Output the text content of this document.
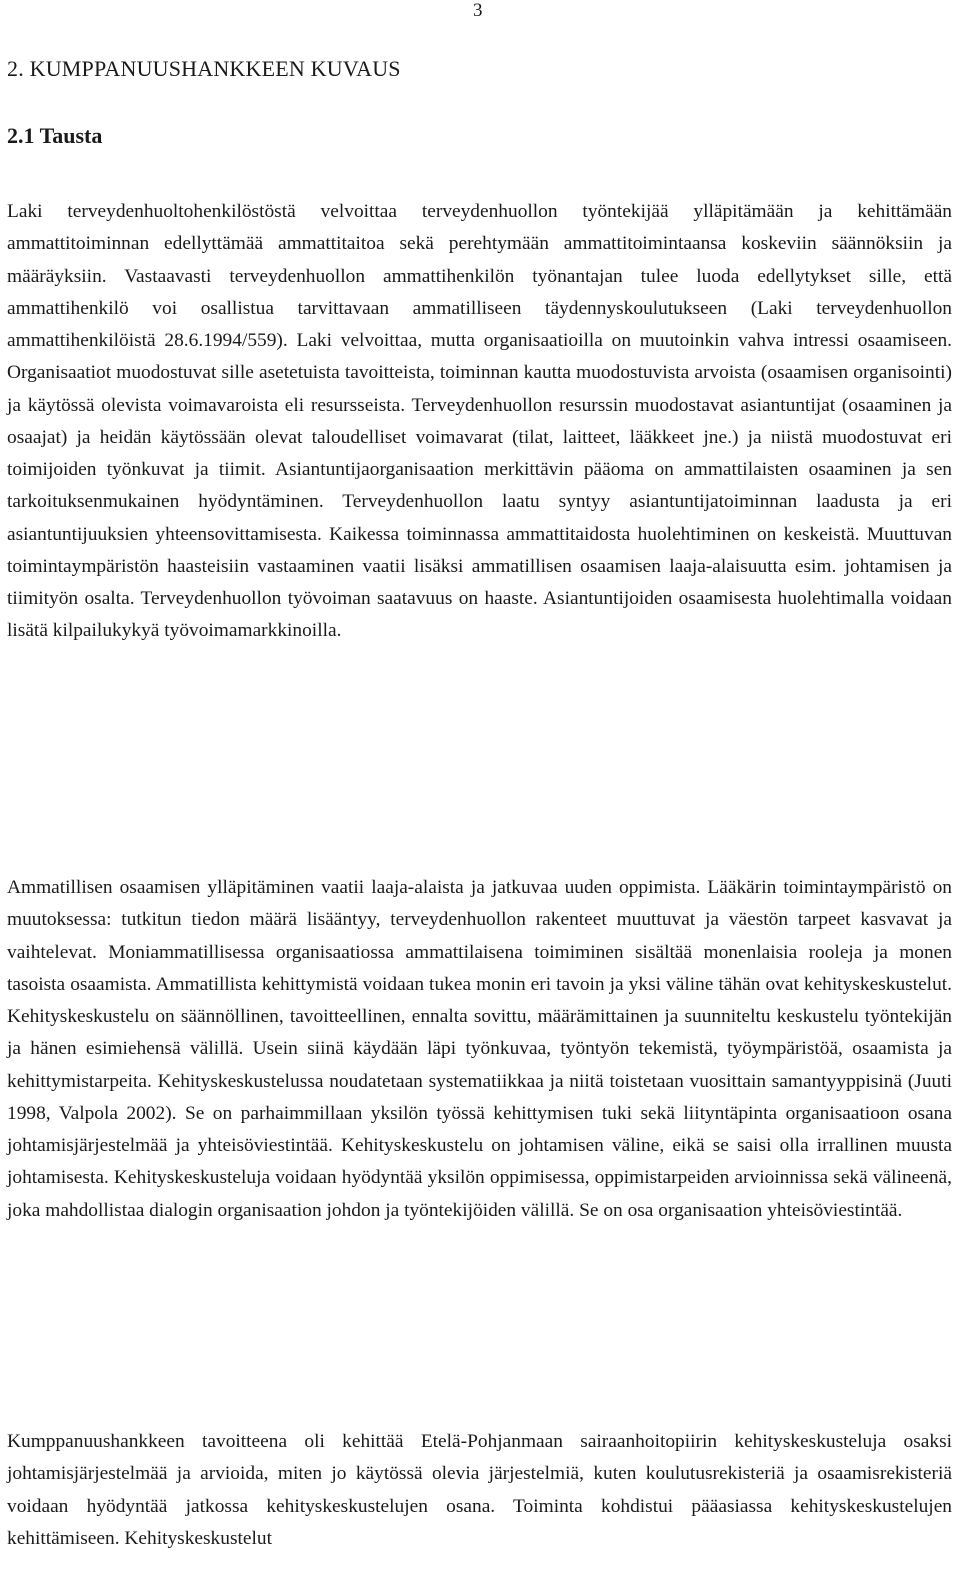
3
2. KUMPPANUUSHANKKEEN KUVAUS
2.1 Tausta

Laki terveydenhuoltohenkilöstöstä velvoittaa terveydenhuollon työntekijää ylläpitämään ja kehittämään ammattitoiminnan edellyttämää ammattitaitoa sekä perehtymään ammattitoimintaansa koskeviin säännöksiin ja määräyksiin. Vastaavasti terveydenhuollon ammattihenkilön työnantajan tulee luoda edellytykset sille, että ammattihenkilö voi osallistua tarvittavaan ammatilliseen täydennyskoulutukseen (Laki terveydenhuollon ammattihenkilöistä 28.6.1994/559). Laki velvoittaa, mutta organisaatioilla on muutoinkin vahva intressi osaamiseen. Organisaatiot muodostuvat sille asetetuista tavoitteista, toiminnan kautta muodostuvista arvoista (osaamisen organisointi) ja käytössä olevista voimavaroista eli resursseista. Terveydenhuollon resurssin muodostavat asiantuntijat (osaaminen ja osaajat) ja heidän käytössään olevat taloudelliset voimavarat (tilat, laitteet, lääkkeet jne.) ja niistä muodostuvat eri toimijoiden työnkuvat ja tiimit. Asiantuntijaorganisaation merkittävin pääoma on ammattilaisten osaaminen ja sen tarkoituksenmukainen hyödyntäminen. Terveydenhuollon laatu syntyy asiantuntijatoiminnan laadusta ja eri asiantuntijuuksien yhteensovittamisesta. Kaikessa toiminnassa ammattitaidosta huolehtiminen on keskeistä. Muuttuvan toimintaympäristön haasteisiin vastaaminen vaatii lisäksi ammatillisen osaamisen laaja-alaisuutta esim. johtamisen ja tiimityön osalta. Terveydenhuollon työvoiman saatavuus on haaste. Asiantuntijoiden osaamisesta huolehtimalla voidaan lisätä kilpailukykyä työvoimamarkkinoilla.

Ammatillisen osaamisen ylläpitäminen vaatii laaja-alaista ja jatkuvaa uuden oppimista. Lääkärin toimintaympäristö on muutoksessa: tutkitun tiedon määrä lisääntyy, terveydenhuollon rakenteet muuttuvat ja väestön tarpeet kasvavat ja vaihtelevat. Moniammatillisessa organisaatiossa ammattilaisena toimiminen sisältää monenlaisia rooleja ja monen tasoista osaamista. Ammatillista kehittymistä voidaan tukea monin eri tavoin ja yksi väline tähän ovat kehityskeskustelut. Kehityskeskustelu on säännöllinen, tavoitteellinen, ennalta sovittu, määrämittainen ja suunniteltu keskustelu työntekijän ja hänen esimiehensä välillä. Usein siinä käydään läpi työnkuvaa, työntyön tekemistä, työympäristöä, osaamista ja kehittymistarpeita. Kehityskeskustelussa noudatetaan systematiikkaa ja niitä toistetaan vuosittain samantyyppisinä (Juuti 1998, Valpola 2002). Se on parhaimmillaan yksilön työssä kehittymisen tuki sekä liityntäpinta organisaatioon osana johtamisjärjestelmää ja yhteisöviestintää. Kehityskeskustelu on johtamisen väline, eikä se saisi olla irrallinen muusta johtamisesta. Kehityskeskusteluja voidaan hyödyntää yksilön oppimisessa, oppimistarpeiden arvioinnissa sekä välineenä, joka mahdollistaa dialogin organisaation johdon ja työntekijöiden välillä. Se on osa organisaation yhteisöviestintää.

Kumppanuushankkeen tavoitteena oli kehittää Etelä-Pohjanmaan sairaanhoitopiirin kehityskeskusteluja osaksi johtamisjärjestelmää ja arvioida, miten jo käytössä olevia järjestelmiä, kuten koulutusrekisteriä ja osaamisrekisteriä voidaan hyödyntää jatkossa kehityskeskustelujen osana. Toiminta kohdistui pääasiassa kehityskeskustelujen kehittämiseen. Kehityskeskustelut
